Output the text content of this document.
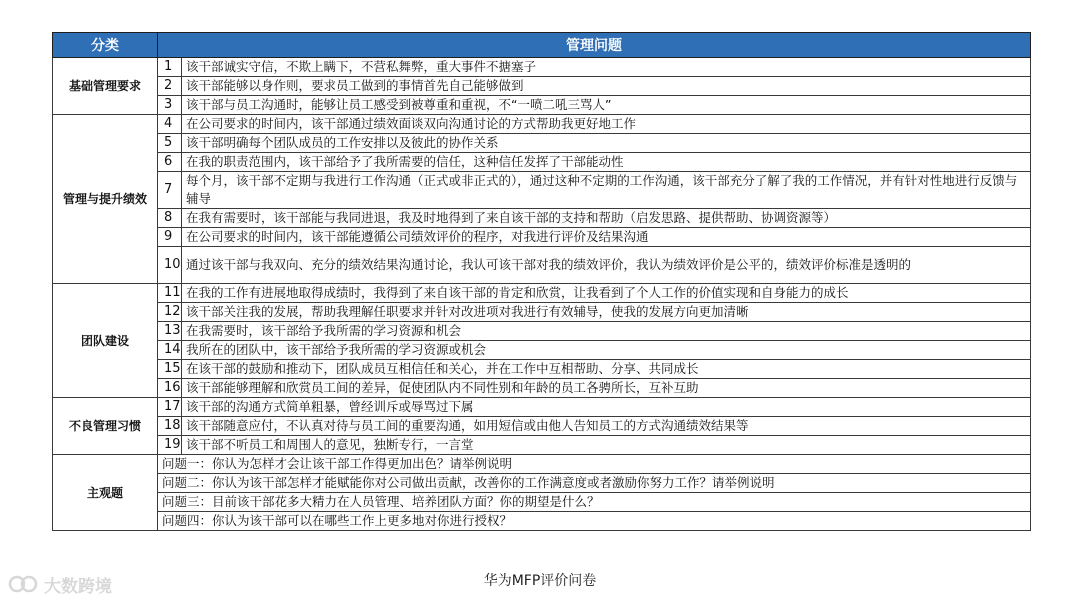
分类	管理问题	
基础管理要求	1	该干部诚实守信，不欺上瞒下，不营私舞弊，重大事件不搪塞子
	2	该干部能够以身作则，要求员工做到的事情首先自己能够做到
	3	该干部与员工沟通时，能够让员工感受到被尊重和重视，不“一喷二吼三骂人”
管理与提升绩效	4	在公司要求的时间内，该干部通过绩效面谈双向沟通讨论的方式帮助我更好地工作
	5	该干部明确每个团队成员的工作安排以及彼此的协作关系
	6	在我的职责范围内，该干部给予了我所需要的信任，这种信任发挥了干部能动性
	7	每个月，该干部不定期与我进行工作沟通（正式或非正式的），通过这种不定期的工作沟通，该干部充分了解了我的工作情况，并有针对性地进行反馈与辅导
	8	在我有需要时，该干部能与我同进退，我及时地得到了来自该干部的支持和帮助（启发思路、提供帮助、协调资源等）
	9	在公司要求的时间内，该干部能遵循公司绩效评价的程序，对我进行评价及结果沟通
	10	通过该干部与我双向、充分的绩效结果沟通讨论，我认可该干部对我的绩效评价，我认为绩效评价是公平的，绩效评价标准是透明的
团队建设	11	在我的工作有进展地取得成绩时，我得到了来自该干部的肯定和欣赏，让我看到了个人工作的价值实现和自身能力的成长
	12	该干部关注我的发展，帮助我理解任职要求并针对改进项对我进行有效辅导，使我的发展方向更加清晰
	13	在我需要时，该干部给予我所需的学习资源和机会
	14	我所在的团队中，该干部给予我所需的学习资源或机会
	15	在该干部的鼓励和推动下，团队成员互相信任和关心，并在工作中互相帮助、分享、共同成长
	16	该干部能够理解和欣赏员工间的差异，促使团队内不同性别和年龄的员工各骋所长，互补互助
不良管理习惯	17	该干部的沟通方式简单粗暴，曾经训斥或辱骂过下属
	18	该干部随意应付，不认真对待与员工间的重要沟通，如用短信或由他人告知员工的方式沟通绩效结果等
	19	该干部不听员工和周围人的意见，独断专行，一言堂
主观题	问题一：你认为怎样才会让该干部工作得更加出色？请举例说明	
	问题二：你认为该干部怎样才能赋能你对公司做出贡献，改善你的工作满意度或者激励你努力工作？请举例说明	
	问题三：目前该干部花多大精力在人员管理、培养团队方面？你的期望是什么？	
	问题四：你认为该干部可以在哪些工作上更多地对你进行授权？	
大数跨境	华为MFP评价问卷
